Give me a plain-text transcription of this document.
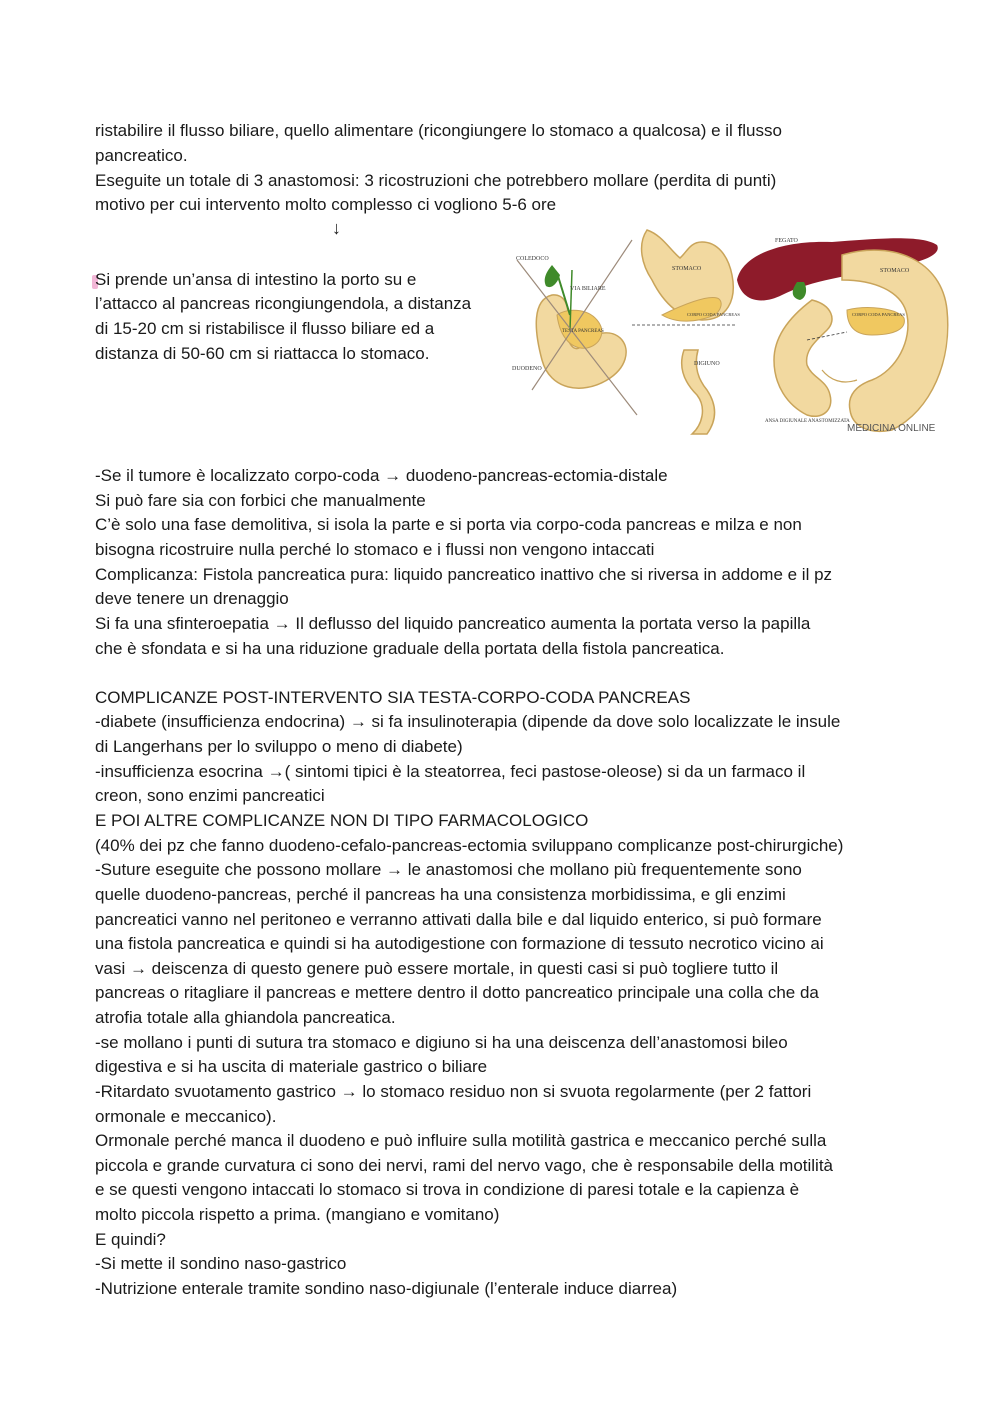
ristabilire il flusso biliare, quello alimentare (ricongiungere lo stomaco a qualcosa) e il flusso
pancreatico.
Eseguite un totale di 3 anastomosi: 3 ricostruzioni che potrebbero mollare (perdita di punti)
motivo per cui intervento molto complesso ci vogliono 5-6 ore
↓
Si prende un’ansa di intestino la porto su e
l’attacco al pancreas ricongiungendola, a distanza
di 15-20 cm si ristabilisce il flusso biliare ed a
distanza di 50-60 cm si riattacca lo stomaco.
COLEDOCO
VIA BILIARE
TESTA PANCREAS
DUODENO
STOMACO
CORPO CODA PANCREAS
DIGIUNO
FEGATO
STOMACO
CORPO CODA PANCREAS
ANSA DIGIUNALE ANASTOMIZZATA
MEDICINA ONLINE
-Se il tumore è localizzato corpo-coda → duodeno-pancreas-ectomia-distale
Si può fare sia con forbici che manualmente
C’è solo una fase demolitiva, si isola la parte e si porta via corpo-coda pancreas e milza e non
bisogna ricostruire nulla perché lo stomaco e i flussi non vengono intaccati
Complicanza: Fistola pancreatica pura: liquido pancreatico inattivo che si riversa in addome e il pz
deve tenere un drenaggio
Si fa una sfinteroepatia → Il deflusso del liquido pancreatico aumenta la portata verso la papilla
che è sfondata e si ha una riduzione graduale della portata della fistola pancreatica.
COMPLICANZE POST-INTERVENTO SIA TESTA-CORPO-CODA PANCREAS
-diabete (insufficienza endocrina) → si fa insulinoterapia (dipende da dove solo localizzate le insule
di Langerhans per lo sviluppo o meno di diabete)
-insufficienza esocrina →( sintomi tipici è la steatorrea, feci pastose-oleose) si da un farmaco il
creon, sono enzimi pancreatici
E POI ALTRE COMPLICANZE NON DI TIPO FARMACOLOGICO
(40% dei pz che fanno duodeno-cefalo-pancreas-ectomia sviluppano complicanze post-chirurgiche)
-Suture eseguite che possono mollare → le anastomosi che mollano più frequentemente sono
quelle duodeno-pancreas, perché il pancreas ha una consistenza morbidissima, e gli enzimi
pancreatici vanno nel peritoneo e verranno attivati dalla bile e dal liquido enterico, si può formare
una fistola pancreatica e quindi si ha autodigestione con formazione di tessuto necrotico vicino ai
vasi → deiscenza di questo genere può essere mortale, in questi casi si può togliere tutto il
pancreas o ritagliare il pancreas e mettere dentro il dotto pancreatico principale una colla che da
atrofia totale alla ghiandola pancreatica.
-se mollano i punti di sutura tra stomaco e digiuno si ha una deiscenza dell’anastomosi bileo
digestiva e si ha uscita di materiale gastrico o biliare
-Ritardato svuotamento gastrico → lo stomaco residuo non si svuota regolarmente (per 2 fattori
ormonale e meccanico).
Ormonale perché manca il duodeno e può influire sulla motilità gastrica e meccanico perché sulla
piccola e grande curvatura ci sono dei nervi, rami del nervo vago, che è responsabile della motilità
e se questi vengono intaccati lo stomaco si trova in condizione di paresi totale e la capienza è
molto piccola rispetto a prima. (mangiano e vomitano)
E quindi?
-Si mette il sondino naso-gastrico
-Nutrizione enterale tramite sondino naso-digiunale (l’enterale induce diarrea)
